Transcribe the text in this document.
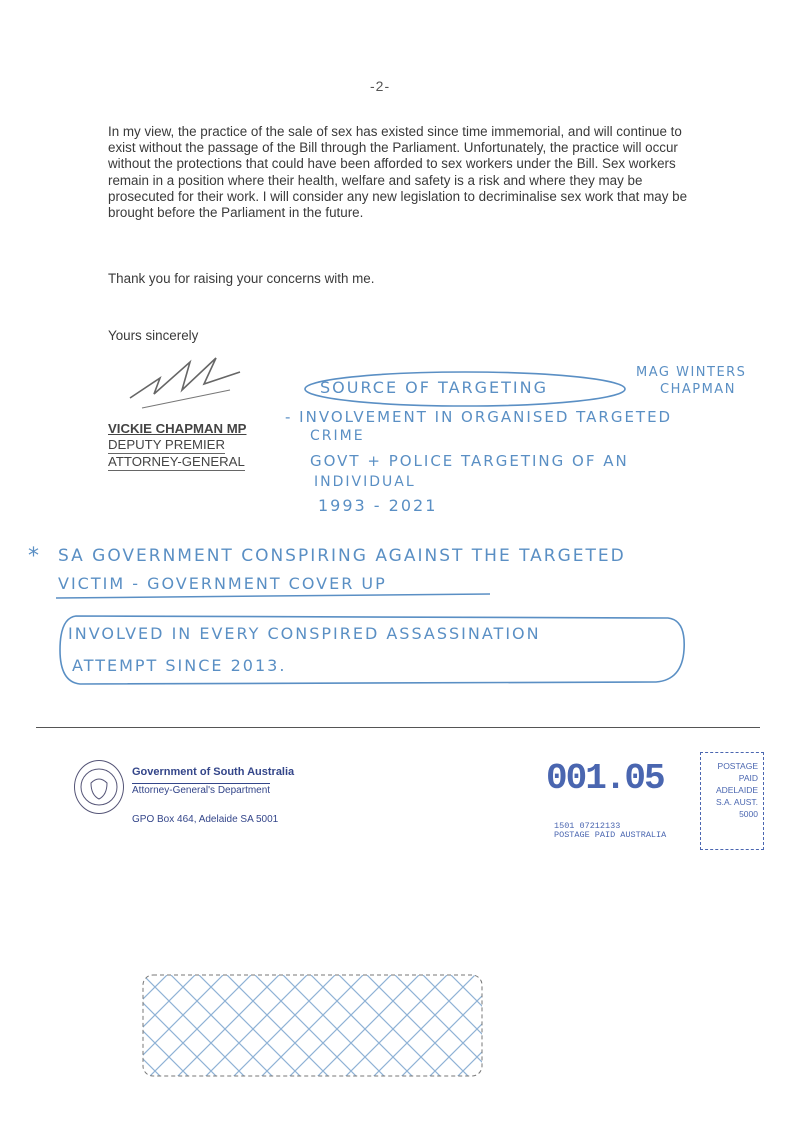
-2-

In my view, the practice of the sale of sex has existed since time immemorial, and will continue to exist without the passage of the Bill through the Parliament. Unfortunately, the practice will occur without the protections that could have been afforded to sex workers under the Bill. Sex workers remain in a position where their health, welfare and safety is a risk and where they may be prosecuted for their work. I will consider any new legislation to decriminalise sex work that may be brought before the Parliament in the future.

Thank you for raising your concerns with me.
Yours sincerely
VICKIE CHAPMAN MP
DEPUTY PREMIER
ATTORNEY-GENERAL
SOURCE OF TARGETING
MAG WINTERS
CHAPMAN
- INVOLVEMENT IN ORGANISED TARGETED
CRIME
GOVT + POLICE TARGETING OF AN
INDIVIDUAL
1993 - 2021
* SA GOVERNMENT CONSPIRING AGAINST THE TARGETED
VICTIM - GOVERNMENT COVER UP
INVOLVED IN EVERY CONSPIRED ASSASSINATION
ATTEMPT SINCE 2013.
Government of South Australia
Attorney-General's Department
GPO Box 464, Adelaide SA 5001
001.05
1501 07212133
POSTAGE PAID AUSTRALIA
POSTAGE
PAID
ADELAIDE
S.A. AUST.
5000
